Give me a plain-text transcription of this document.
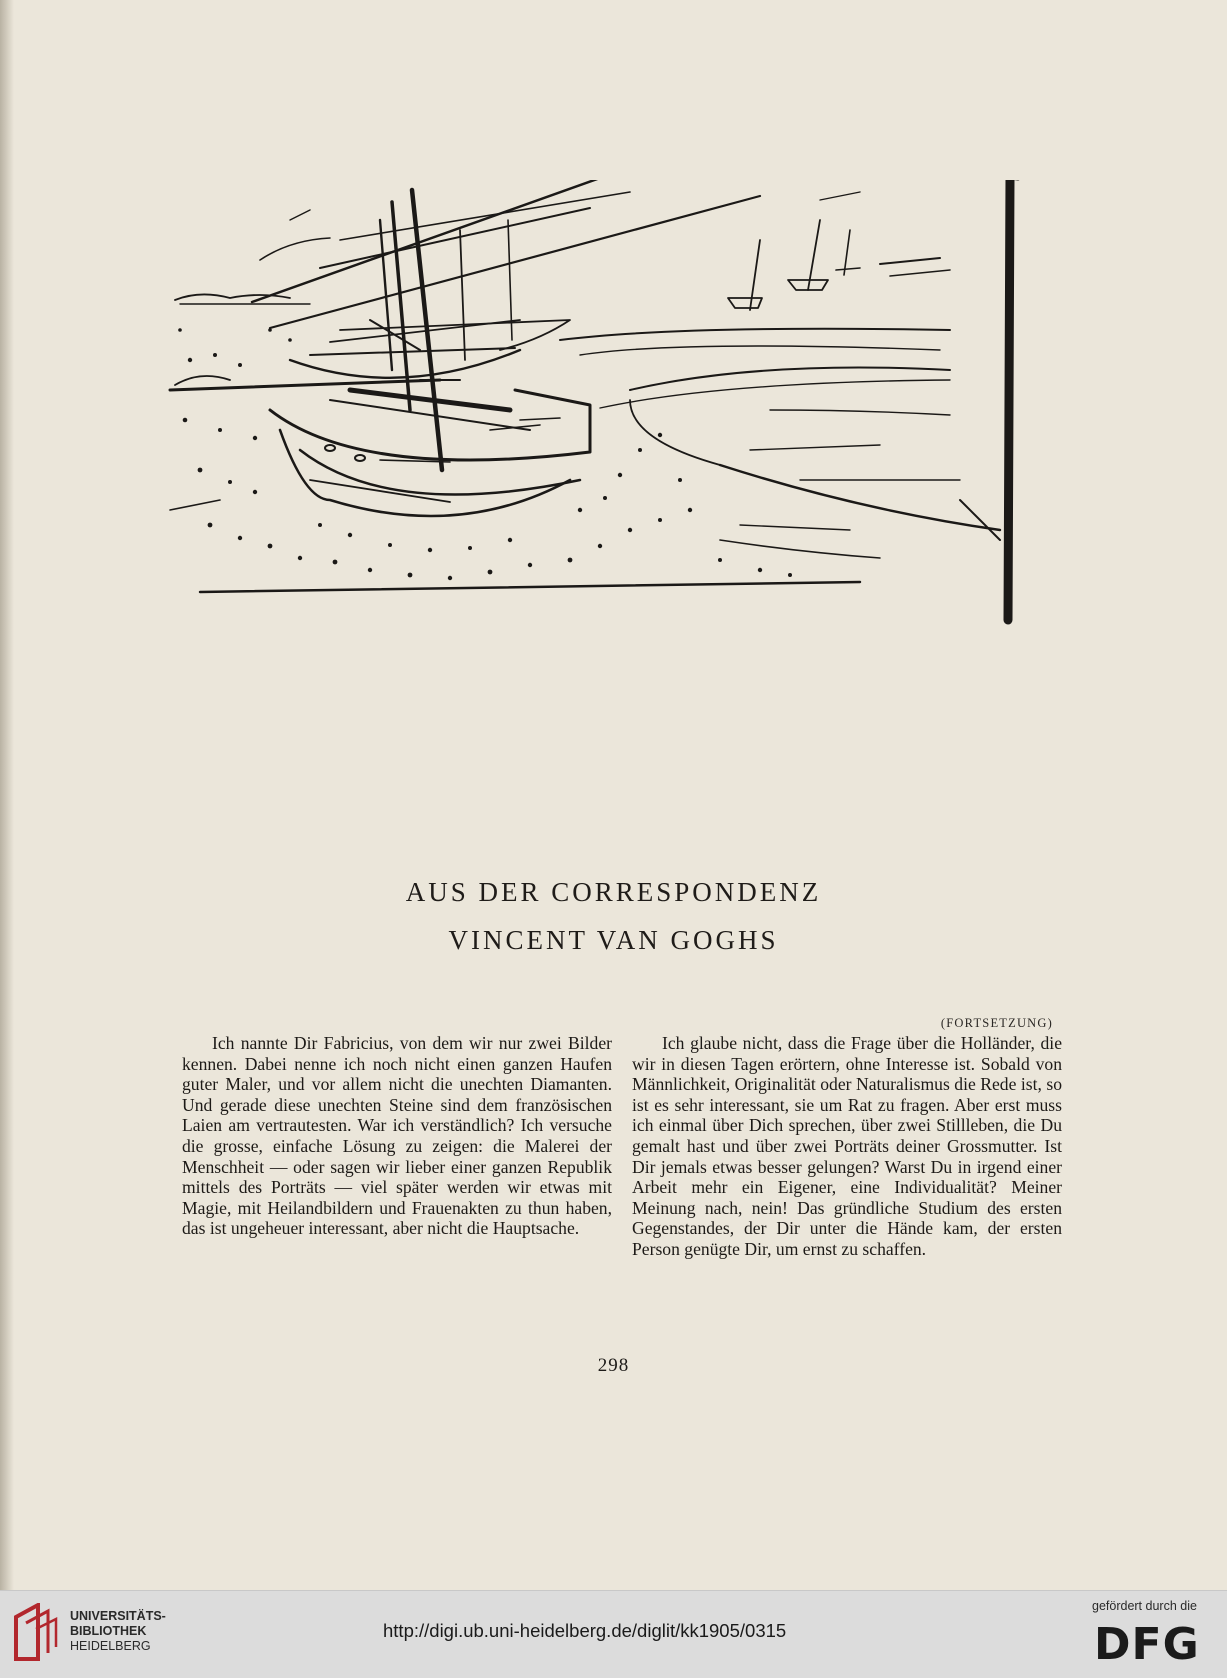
AUS DER CORRESPONDENZ
VINCENT VAN GOGHS
(FORTSETZUNG)

Ich nannte Dir Fabricius, von dem wir nur zwei Bilder kennen. Dabei nenne ich noch nicht einen ganzen Haufen guter Maler, und vor allem nicht die unechten Diamanten. Und gerade diese unechten Steine sind dem französischen Laien am vertrautesten. War ich verständlich? Ich versuche die grosse, einfache Lösung zu zeigen: die Malerei der Menschheit — oder sagen wir lieber einer ganzen Republik mittels des Porträts — viel später werden wir etwas mit Magie, mit Heilandbildern und Frauenakten zu thun haben, das ist ungeheuer interessant, aber nicht die Hauptsache.

Ich glaube nicht, dass die Frage über die Holländer, die wir in diesen Tagen erörtern, ohne Interesse ist. Sobald von Männlichkeit, Originalität oder Naturalismus die Rede ist, so ist es sehr interessant, sie um Rat zu fragen. Aber erst muss ich einmal über Dich sprechen, über zwei Stillleben, die Du gemalt hast und über zwei Porträts deiner Grossmutter. Ist Dir jemals etwas besser gelungen? Warst Du in irgend einer Arbeit mehr ein Eigener, eine Individualität? Meiner Meinung nach, nein! Das gründliche Studium des ersten Gegenstandes, der Dir unter die Hände kam, der ersten Person genügte Dir, um ernst zu schaffen.

298
UNIVERSITÄTS-
BIBLIOTHEK
HEIDELBERG
http://digi.ub.uni-heidelberg.de/diglit/kk1905/0315
gefördert durch die
DFG
